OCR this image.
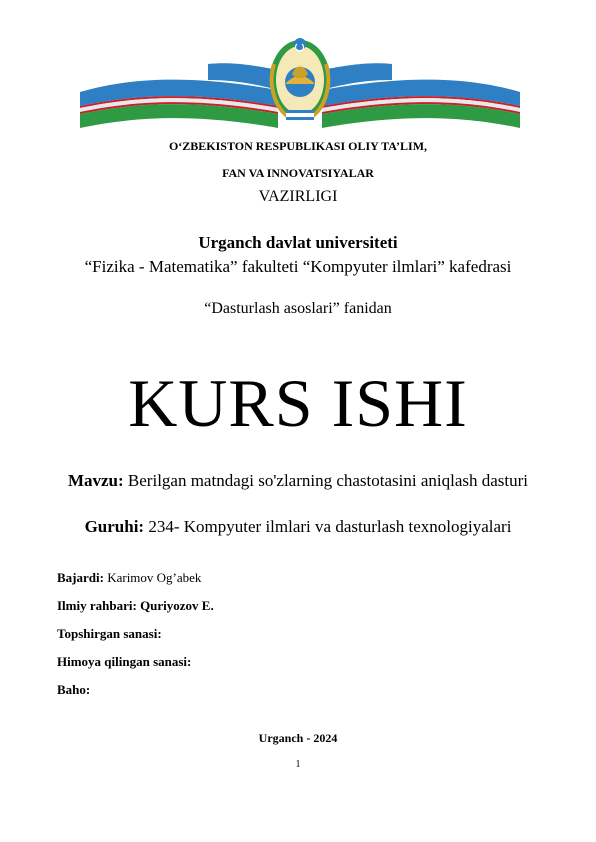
O‘ZBEKISTON RESPUBLIKASI OLIY TA’LIM,
FAN VA INNOVATSIYALAR
VAZIRLIGI
Urganch davlat universiteti
“Fizika - Matematika” fakulteti “Kompyuter ilmlari” kafedrasi
“Dasturlash asoslari” fanidan
KURS ISHI
Mavzu: Berilgan matndagi so'zlarning chastotasini aniqlash dasturi
Guruhi: 234- Kompyuter ilmlari va dasturlash texnologiyalari
Bajardi: Karimov Og’abek
Ilmiy rahbari: Quriyozov E.
Topshirgan sanasi:
Himoya qilingan sanasi:
Baho:
Urganch - 2024
1
